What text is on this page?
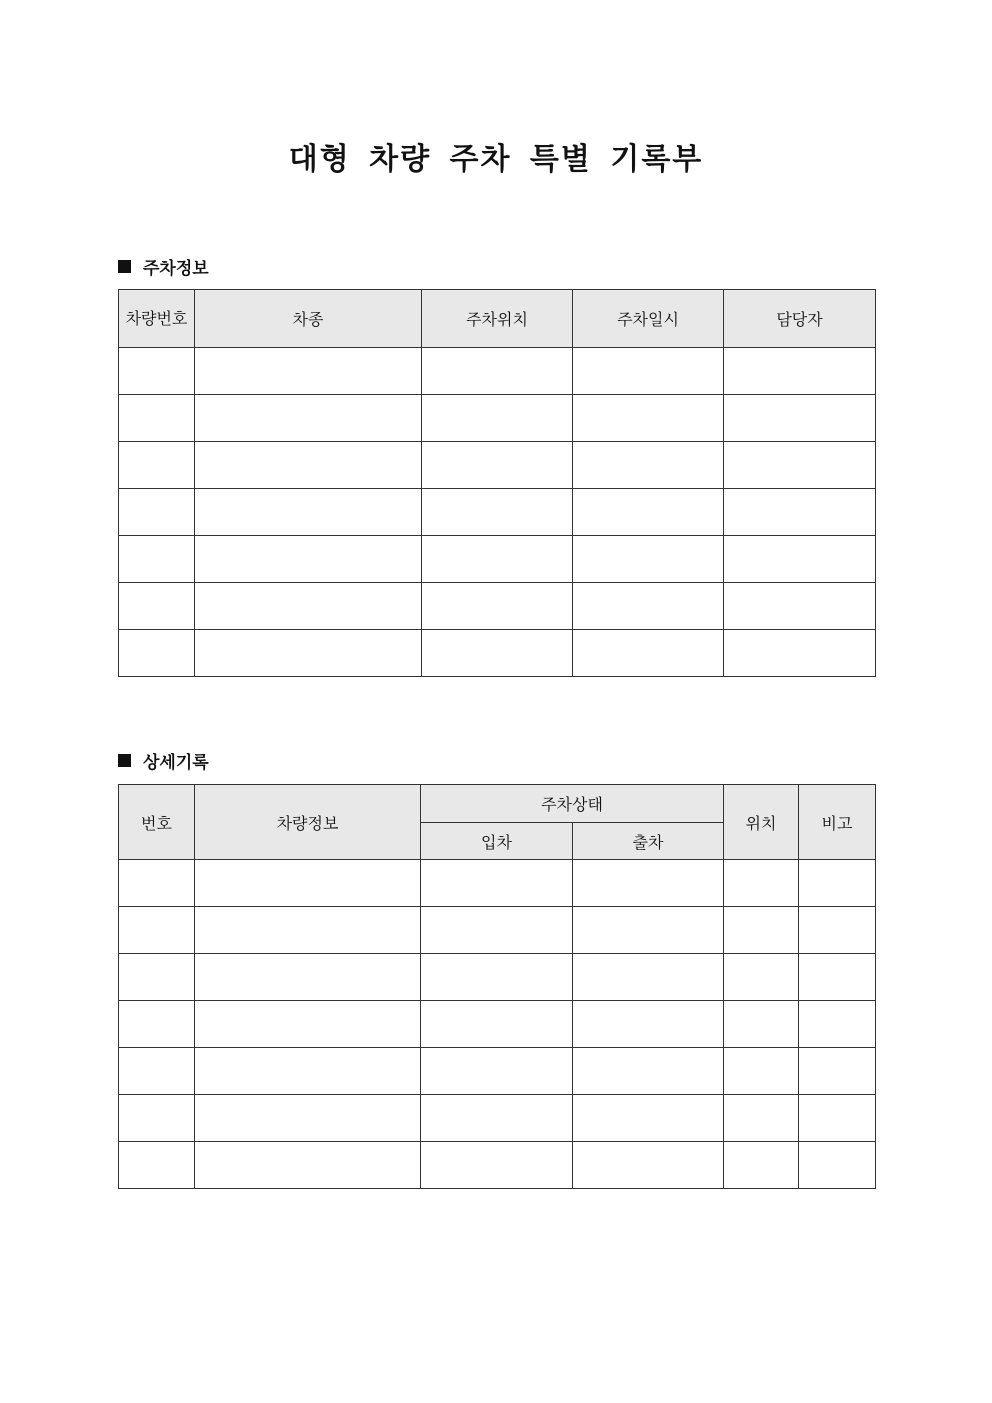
대형 차량 주차 특별 기록부
주차정보
차량번호	차종	주차위치	주차일시	담당자

상세기록
번호	차량정보	주차상태		위치	비고
		입차	출차		
